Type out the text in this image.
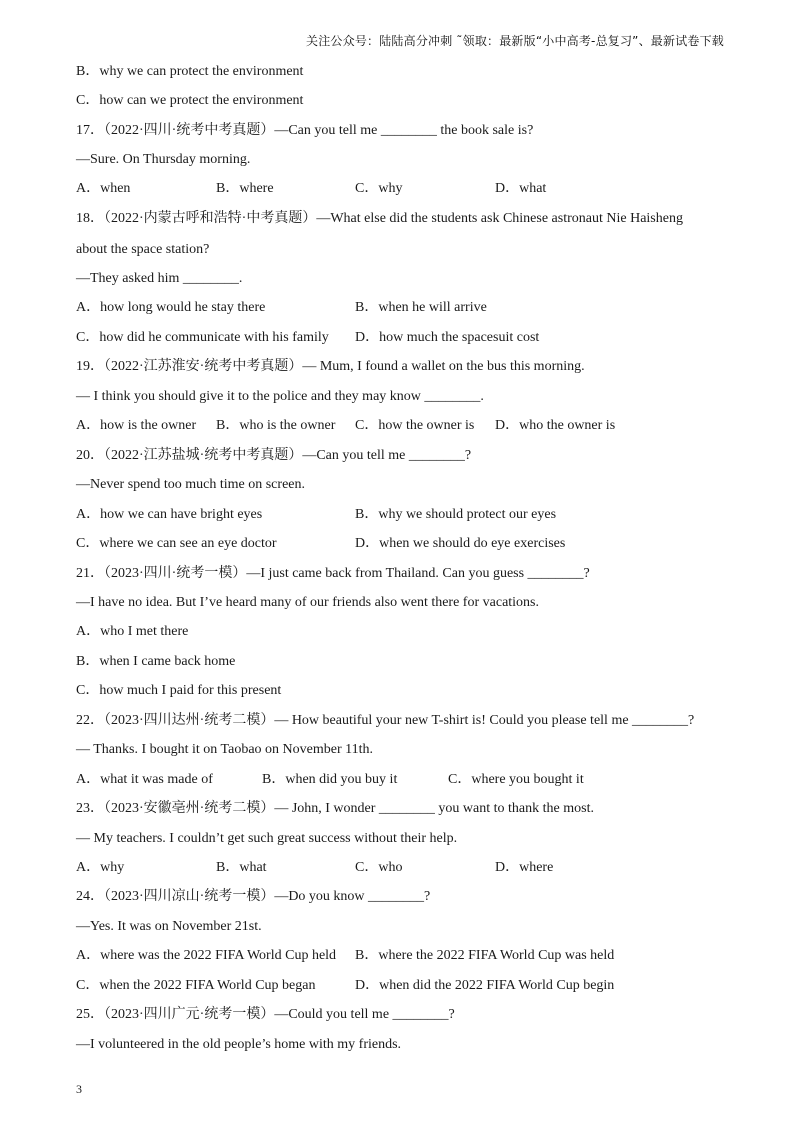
关注公众号：陆陆高分冲刺 ˜领取：最新版“小中高考-总复习”、最新试卷下载
B．why we can protect the environment
C．how can we protect the environment
17．（2022·四川·统考中考真题）—Can you tell me ________ the book sale is?
—Sure. On Thursday morning.
A．when	B．where	C．why	D．what
18．（2022·内蒙古呼和浩特·中考真题）—What else did the students ask Chinese astronaut Nie Haisheng
about the space station?
—They asked him ________.
A．how long would he stay there	B．when he will arrive
C．how did he communicate with his family D．how much the spacesuit cost
19．（2022·江苏淮安·统考中考真题）— Mum, I found a wallet on the bus this morning.
— I think you should give it to the police and they may know ________.
A．how is the owner B．who is the owner C．how the owner is D．who the owner is
20．（2022·江苏盐城·统考中考真题）—Can you tell me ________?
—Never spend too much time on screen.
A．how we can have bright eyes	B．why we should protect our eyes
C．where we can see an eye doctor	D．when we should do eye exercises
21．（2023·四川·统考一模）—I just came back from Thailand. Can you guess ________?
—I have no idea. But I’ve heard many of our friends also went there for vacations.
A．who I met there
B．when I came back home
C．how much I paid for this present
22．（2023·四川达州·统考二模）— How beautiful your new T-shirt is! Could you please tell me ________?
— Thanks. I bought it on Taobao on November 11th.
A．what it was made of	B．when did you buy it	C．where you bought it
23．（2023·安徽亳州·统考二模）— John, I wonder ________ you want to thank the most.
— My teachers. I couldn’t get such great success without their help.
A．why	B．what	C．who	D．where
24．（2023·四川凉山·统考一模）—Do you know ________?
—Yes. It was on November 21st.
A．where was the 2022 FIFA World Cup held B．where the 2022 FIFA World Cup was held
C．when the 2022 FIFA World Cup began	D．when did the 2022 FIFA World Cup begin
25．（2023·四川广元·统考一模）—Could you tell me ________?
—I volunteered in the old people’s home with my friends.
3
